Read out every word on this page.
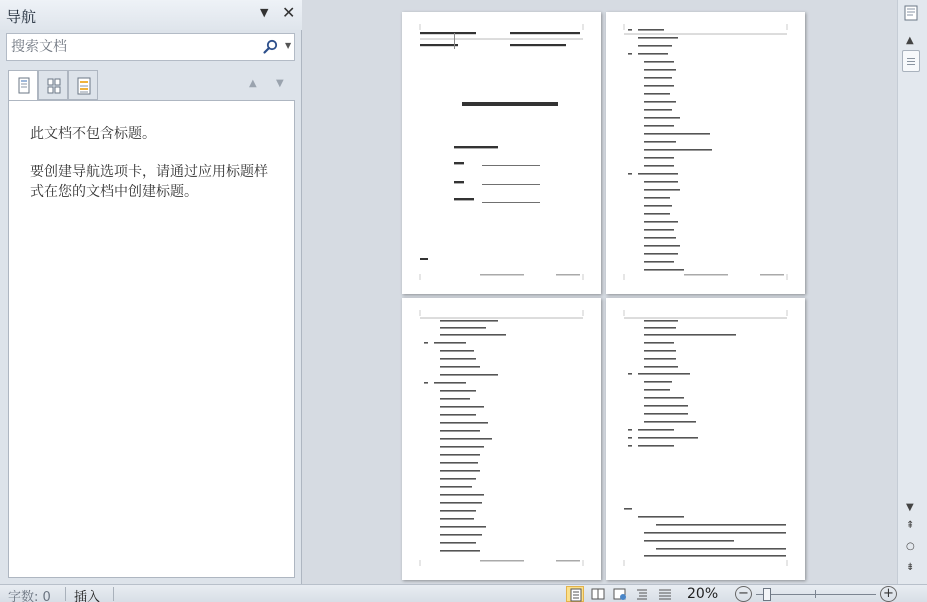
导航	▼ ✕
搜索文档
▼
▲ ▼

此文档不包含标题。

要创建导航选项卡，请通过应用标题样式在您的文档中创建标题。

▲
▼
⇞
○
⇟
字数: 0 插入	20% −	+
